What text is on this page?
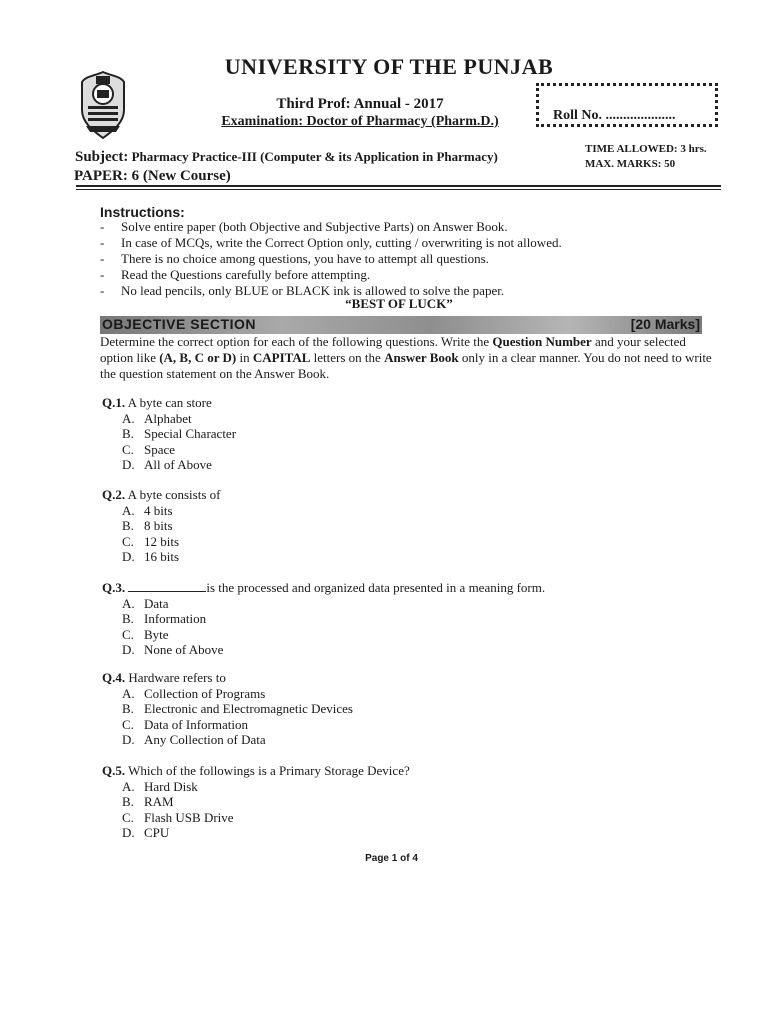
UNIVERSITY OF THE PUNJAB
Third Prof: Annual - 2017
Examination: Doctor of Pharmacy (Pharm.D.)	Roll No. ....................
Subject: Pharmacy Practice-III (Computer & its Application in Pharmacy)	TIME ALLOWED: 3 hrs.
MAX. MARKS: 50
PAPER: 6 (New Course)
Instructions:
- Solve entire paper (both Objective and Subjective Parts) on Answer Book.
- In case of MCQs, write the Correct Option only, cutting / overwriting is not allowed.
- There is no choice among questions, you have to attempt all questions.
- Read the Questions carefully before attempting.
- No lead pencils, only BLUE or BLACK ink is allowed to solve the paper.
“BEST OF LUCK”
OBJECTIVE SECTION	[20 Marks]
Determine the correct option for each of the following questions. Write the Question Number and your selected option like (A, B, C or D) in CAPITAL letters on the Answer Book only in a clear manner. You do not need to write the question statement on the Answer Book.
Q.1. A byte can store
A. Alphabet
B. Special Character
C. Space
D. All of Above
Q.2. A byte consists of
A. 4 bits
B. 8 bits
C. 12 bits
D. 16 bits
Q.3.	is the processed and organized data presented in a meaning form.
A. Data
B. Information
C. Byte
D. None of Above
Q.4. Hardware refers to
A. Collection of Programs
B. Electronic and Electromagnetic Devices
C. Data of Information
D. Any Collection of Data
Q.5. Which of the followings is a Primary Storage Device?
A. Hard Disk
B. RAM
C. Flash USB Drive
D. CPU
Page 1 of 4
